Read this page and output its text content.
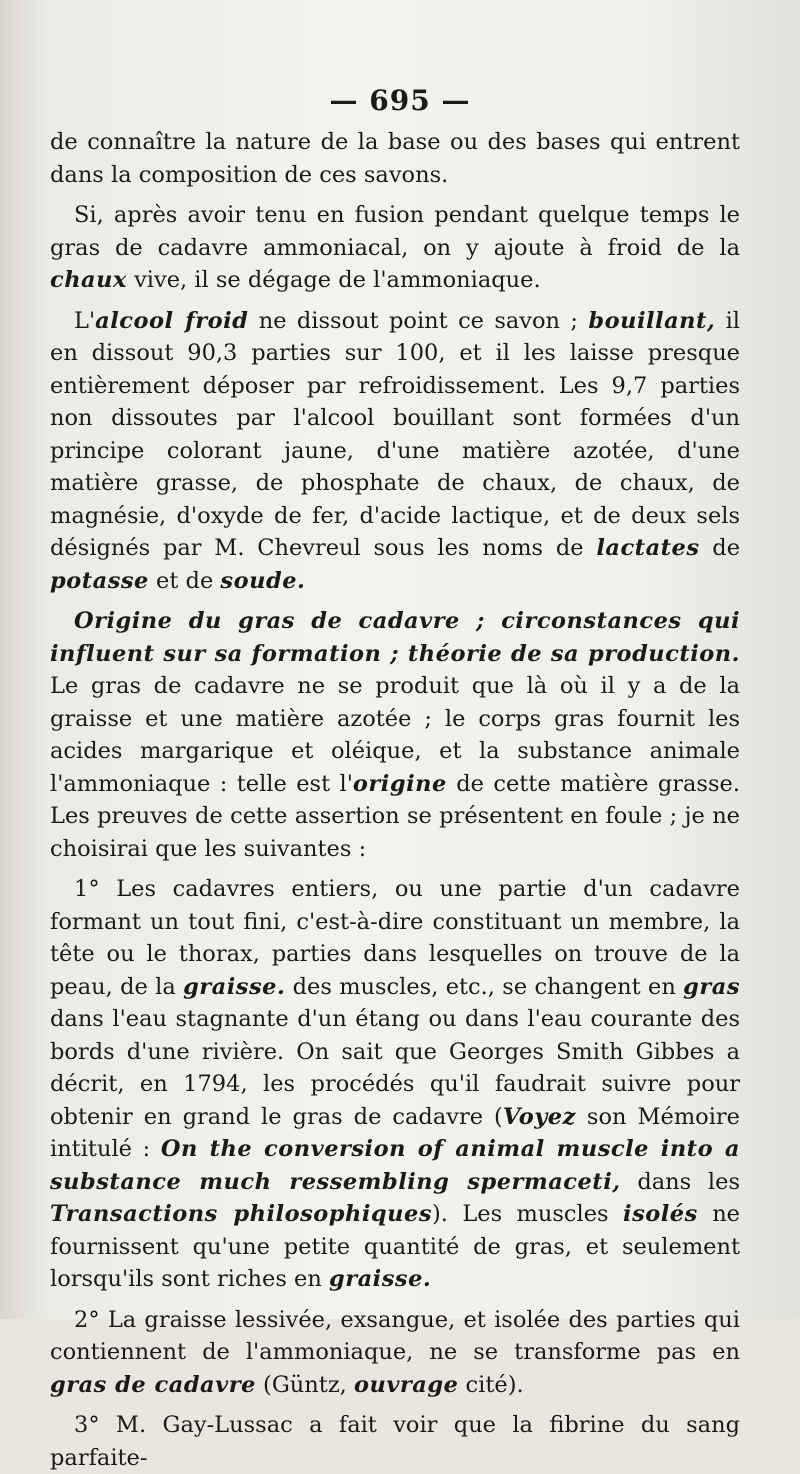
— 695 —

de connaître la nature de la base ou des bases qui entrent dans la composition de ces savons.

Si, après avoir tenu en fusion pendant quelque temps le gras de cadavre ammoniacal, on y ajoute à froid de la chaux vive, il se dégage de l'ammoniaque.

L'alcool froid ne dissout point ce savon ; bouillant, il en dissout 90,3 parties sur 100, et il les laisse presque entièrement déposer par refroidissement. Les 9,7 parties non dissoutes par l'alcool bouillant sont formées d'un principe colorant jaune, d'une matière azotée, d'une matière grasse, de phosphate de chaux, de chaux, de magnésie, d'oxyde de fer, d'acide lactique, et de deux sels désignés par M. Chevreul sous les noms de lactates de potasse et de soude.

Origine du gras de cadavre ; circonstances qui influent sur sa formation ; théorie de sa production. Le gras de cadavre ne se produit que là où il y a de la graisse et une matière azotée ; le corps gras fournit les acides margarique et oléique, et la substance animale l'ammoniaque : telle est l'origine de cette matière grasse. Les preuves de cette assertion se présentent en foule ; je ne choisirai que les suivantes :

1° Les cadavres entiers, ou une partie d'un cadavre formant un tout fini, c'est-à-dire constituant un membre, la tête ou le thorax, parties dans lesquelles on trouve de la peau, de la graisse. des muscles, etc., se changent en gras dans l'eau stagnante d'un étang ou dans l'eau courante des bords d'une rivière. On sait que Georges Smith Gibbes a décrit, en 1794, les procédés qu'il faudrait suivre pour obtenir en grand le gras de cadavre (Voyez son Mémoire intitulé : On the conversion of animal muscle into a substance much ressembling spermaceti, dans les Transactions philosophiques). Les muscles isolés ne fournissent qu'une petite quantité de gras, et seulement lorsqu'ils sont riches en graisse.

2° La graisse lessivée, exsangue, et isolée des parties qui contiennent de l'ammoniaque, ne se transforme pas en gras de cadavre (Güntz, ouvrage cité).

3° M. Gay-Lussac a fait voir que la fibrine du sang parfaite-
